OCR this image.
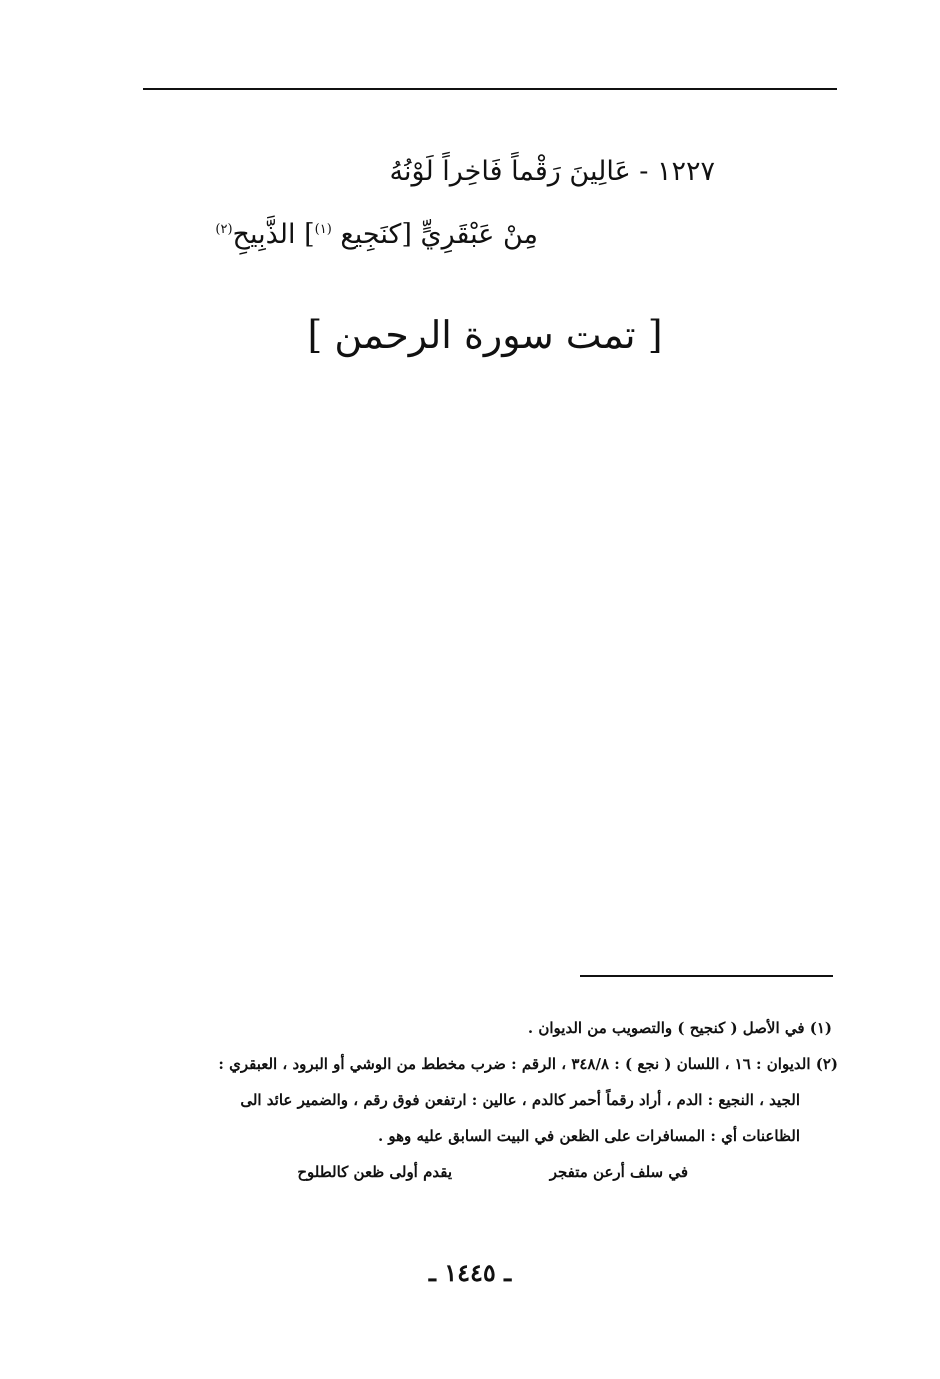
١٢٢٧ - عَالِينَ رَقْماً فَاخِراً لَوْنُهُ
مِنْ عَبْقَرِيٍّ [كنَجِيع $^{(١)}$] الذَّبِيحِ$^{(٢)}$
[ تمت سورة الرحمن ]
(١) في الأصل ( كنجيح ) والتصويب من الديوان .
(٢) الديوان : ١٦ ، اللسان ( نجع ) : ٣٤٨/٨ ، الرقم : ضرب مخطط من الوشي أو البرود ، العبقري :
الجيد ، النجيع : الدم ، أراد رقماً أحمر كالدم ، عالين : ارتفعن فوق رقم ، والضمير عائد الى
الظاعنات أي : المسافرات على الظعن في البيت السابق عليه وهو .
في سلف أرعن متفجر
يقدم أولى ظعن كالطلوح
ـ ١٤٤٥ ـ
